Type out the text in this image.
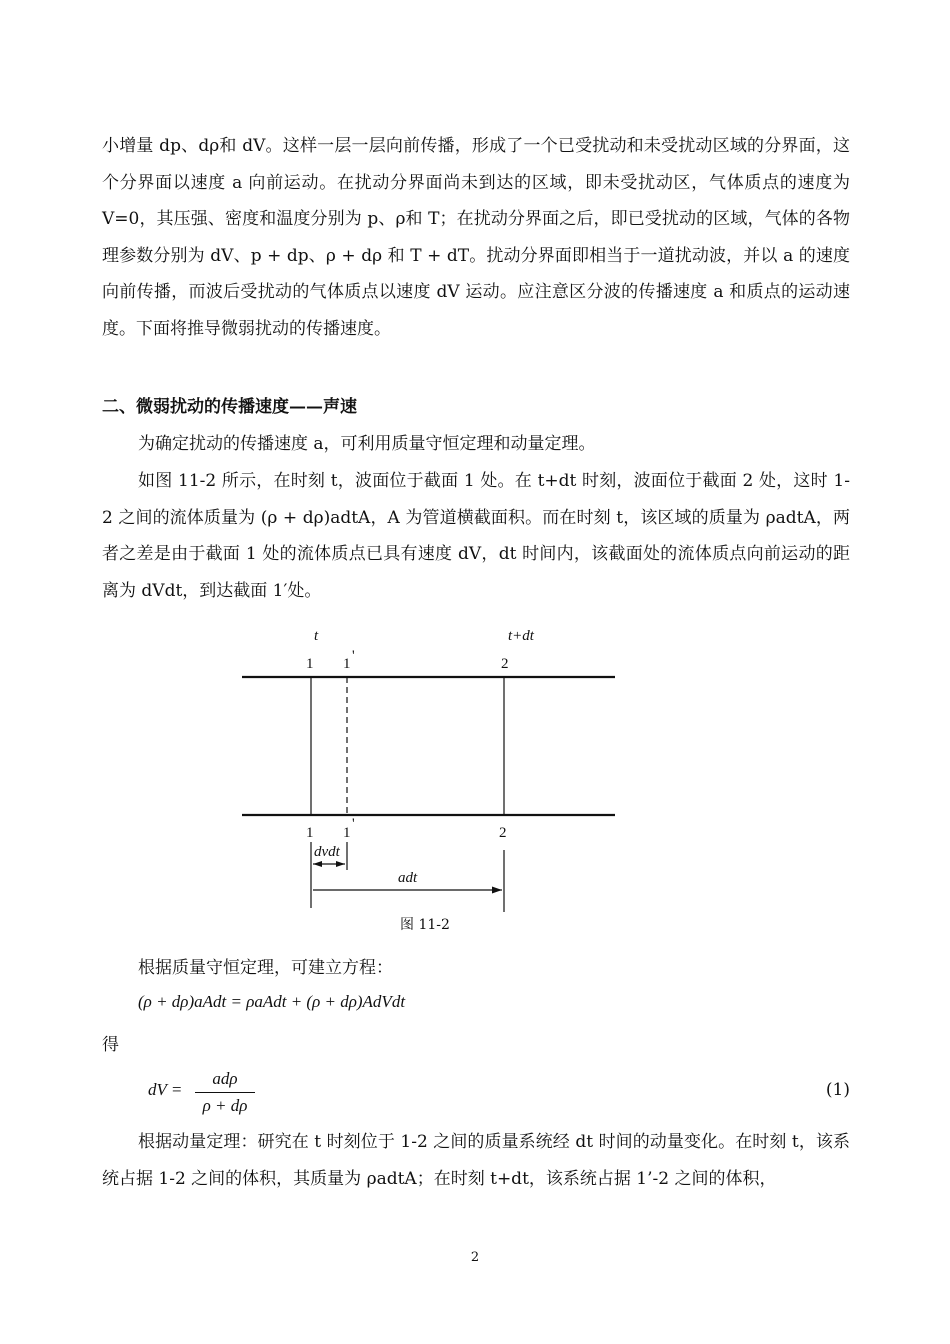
小增量 dp、dρ和 dV。这样一层一层向前传播，形成了一个已受扰动和未受扰动区域的分界面，这个分界面以速度 a 向前运动。在扰动分界面尚未到达的区域，即未受扰动区，气体质点的速度为 V=0，其压强、密度和温度分别为 p、ρ和 T；在扰动分界面之后，即已受扰动的区域，气体的各物理参数分别为 dV、p + dp、ρ + dρ 和 T + dT。扰动分界面即相当于一道扰动波，并以 a 的速度向前传播，而波后受扰动的气体质点以速度 dV 运动。应注意区分波的传播速度 a 和质点的运动速度。下面将推导微弱扰动的传播速度。

二、微弱扰动的传播速度——声速

为确定扰动的传播速度 a，可利用质量守恒定理和动量定理。

如图 11-2 所示，在时刻 t，波面位于截面 1 处。在 t+dt 时刻，波面位于截面 2 处，这时 1-2 之间的流体质量为 (ρ + dρ)adtA，A 为管道横截面积。而在时刻 t，该区域的质量为 ρadtA，两者之差是由于截面 1 处的流体质点已具有速度 dV，dt 时间内，该截面处的流体质点向前运动的距离为 dVdt，到达截面 1′处。

t	t+dt
1 1 '	2
1 1
'
2
dvdt
adt
图 11-2

根据质量守恒定理，可建立方程：

(ρ + dρ)aAdt = ρaAdt + (ρ + dρ)AdVdt
得
dV =
adρ
ρ + dρ
(1)

根据动量定理：研究在 t 时刻位于 1-2 之间的质量系统经 dt 时间的动量变化。在时刻 t，该系统占据 1-2 之间的体积，其质量为 ρadtA；在时刻 t+dt，该系统占据 1’-2 之间的体积，

2
